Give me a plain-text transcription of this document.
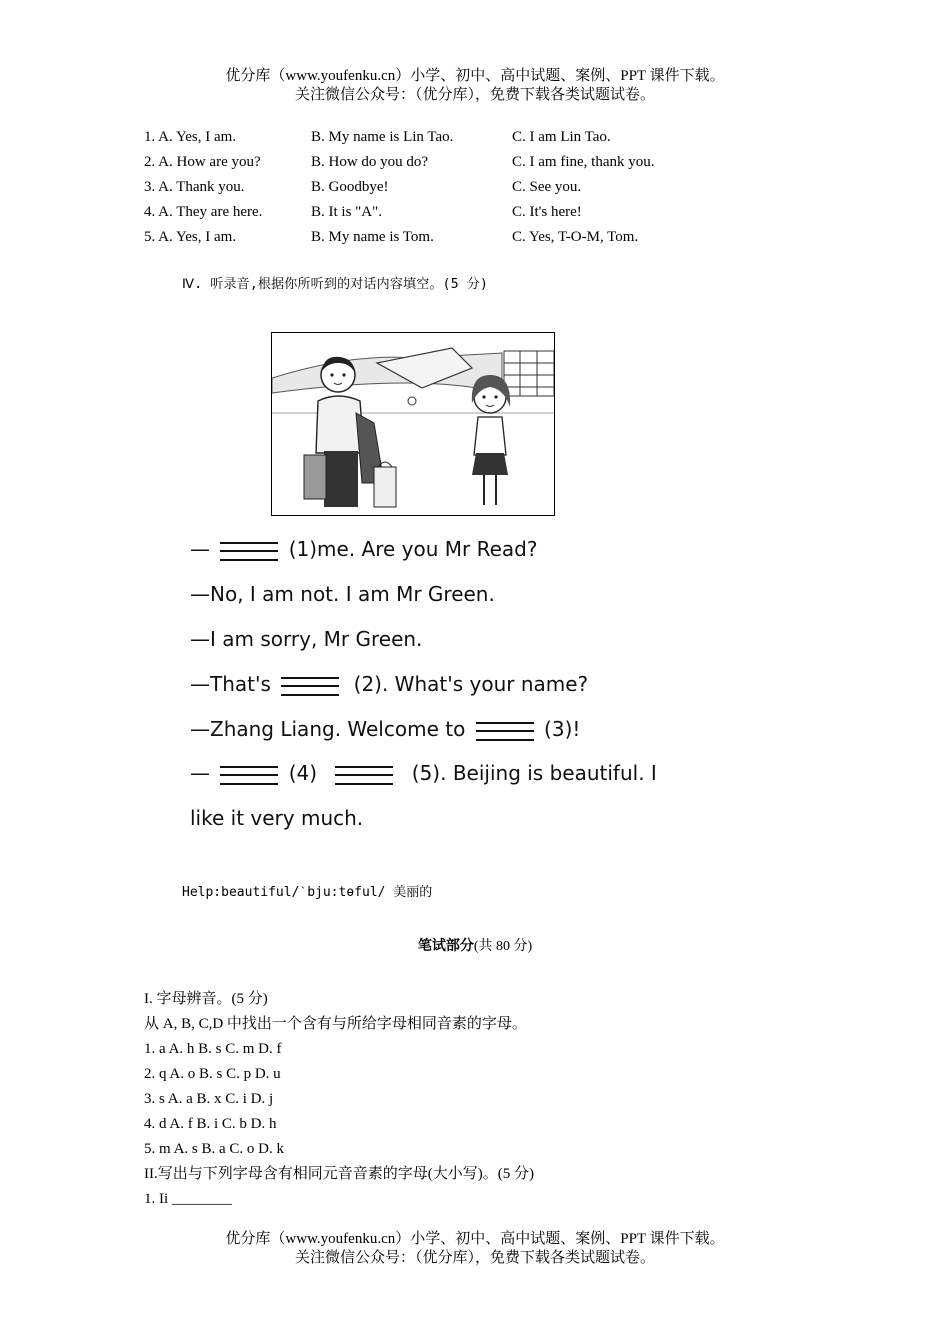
优分库（www.youfenku.cn）小学、初中、高中试题、案例、PPT 课件下载。
关注微信公众号：（优分库），免费下载各类试题试卷。
1. A. Yes, I am.	B. My name is Lin Tao.	C. I am Lin Tao.
2. A. How are you?	B. How do you do?	C. I am fine, thank you.
3. A. Thank you.	B. Goodbye!	C. See you.
4. A. They are here.	B. It is "A".	C. It's here!
5. A. Yes, I am.	B. My name is Tom.	C. Yes, T-O-M, Tom.
Ⅳ. 听录音,根据你所听到的对话内容填空。(5 分)
—	(1)me. Are you Mr Read?
—No, I am not. I am Mr Green.
—I am sorry, Mr Green.
—That's	(2). What's your name?
—Zhang Liang. Welcome to	(3)!
—	(4)	(5). Beijing is beautiful. I
like it very much.
Help:beautiful/ˋbju:tɵful/ 美丽的
笔试部分(共 80 分)
I. 字母辨音。(5 分)
从 A, B, C,D 中找出一个含有与所给字母相同音素的字母。
1. a A. h B. s C. m D. f
2. q A. o B. s C. p D. u
3. s A. a B. x C. i D. j
4. d A. f B. i C. b D. h
5. m A. s B. a C. o D. k
II.写出与下列字母含有相同元音音素的字母(大小写)。(5 分)
1. Ii ________
优分库（www.youfenku.cn）小学、初中、高中试题、案例、PPT 课件下载。
关注微信公众号：（优分库），免费下载各类试题试卷。
